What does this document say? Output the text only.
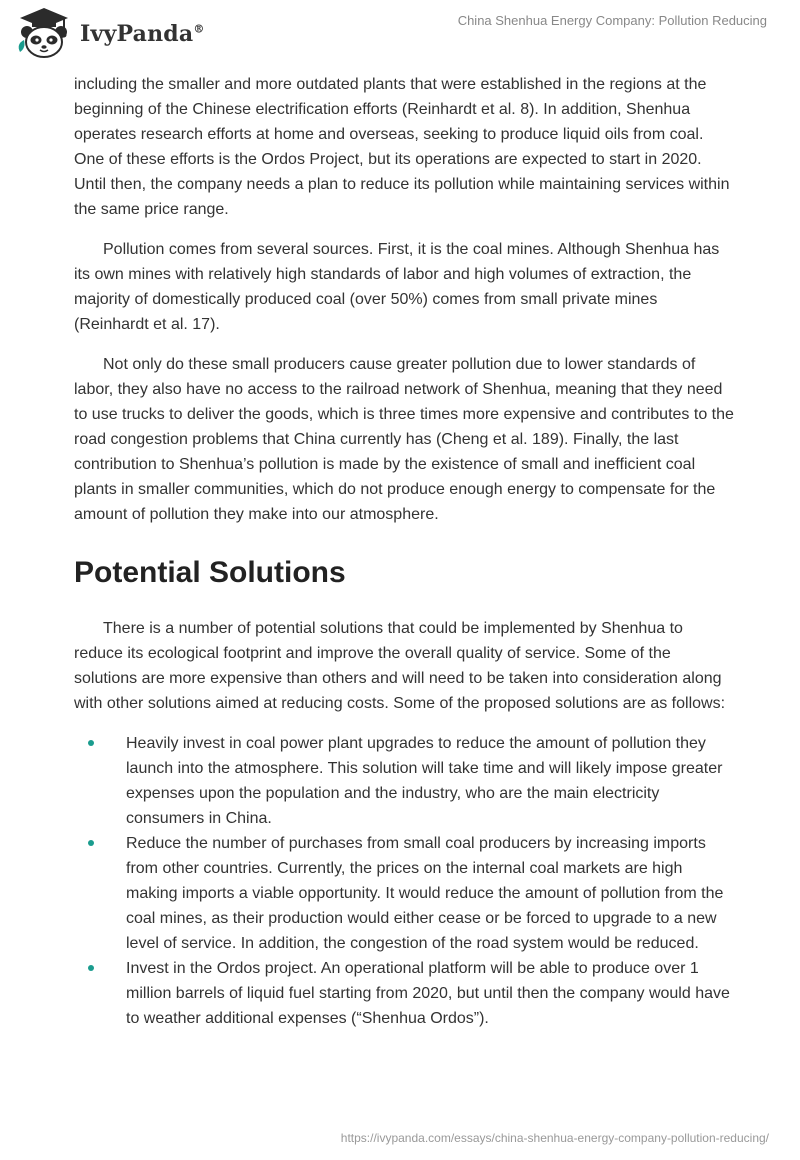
IvyPanda®
China Shenhua Energy Company: Pollution Reducing

including the smaller and more outdated plants that were established in the regions at the beginning of the Chinese electrification efforts (Reinhardt et al. 8). In addition, Shenhua operates research efforts at home and overseas, seeking to produce liquid oils from coal. One of these efforts is the Ordos Project, but its operations are expected to start in 2020. Until then, the company needs a plan to reduce its pollution while maintaining services within the same price range.

Pollution comes from several sources. First, it is the coal mines. Although Shenhua has its own mines with relatively high standards of labor and high volumes of extraction, the majority of domestically produced coal (over 50%) comes from small private mines (Reinhardt et al. 17).

Not only do these small producers cause greater pollution due to lower standards of labor, they also have no access to the railroad network of Shenhua, meaning that they need to use trucks to deliver the goods, which is three times more expensive and contributes to the road congestion problems that China currently has (Cheng et al. 189). Finally, the last contribution to Shenhua’s pollution is made by the existence of small and inefficient coal plants in smaller communities, which do not produce enough energy to compensate for the amount of pollution they make into our atmosphere.

Potential Solutions

There is a number of potential solutions that could be implemented by Shenhua to reduce its ecological footprint and improve the overall quality of service. Some of the solutions are more expensive than others and will need to be taken into consideration along with other solutions aimed at reducing costs. Some of the proposed solutions are as follows:

Heavily invest in coal power plant upgrades to reduce the amount of pollution they launch into the atmosphere. This solution will take time and will likely impose greater expenses upon the population and the industry, who are the main electricity consumers in China.
Reduce the number of purchases from small coal producers by increasing imports from other countries. Currently, the prices on the internal coal markets are high making imports a viable opportunity. It would reduce the amount of pollution from the coal mines, as their production would either cease or be forced to upgrade to a new level of service. In addition, the congestion of the road system would be reduced.
Invest in the Ordos project. An operational platform will be able to produce over 1 million barrels of liquid fuel starting from 2020, but until then the company would have to weather additional expenses (“Shenhua Ordos”).
https://ivypanda.com/essays/china-shenhua-energy-company-pollution-reducing/
